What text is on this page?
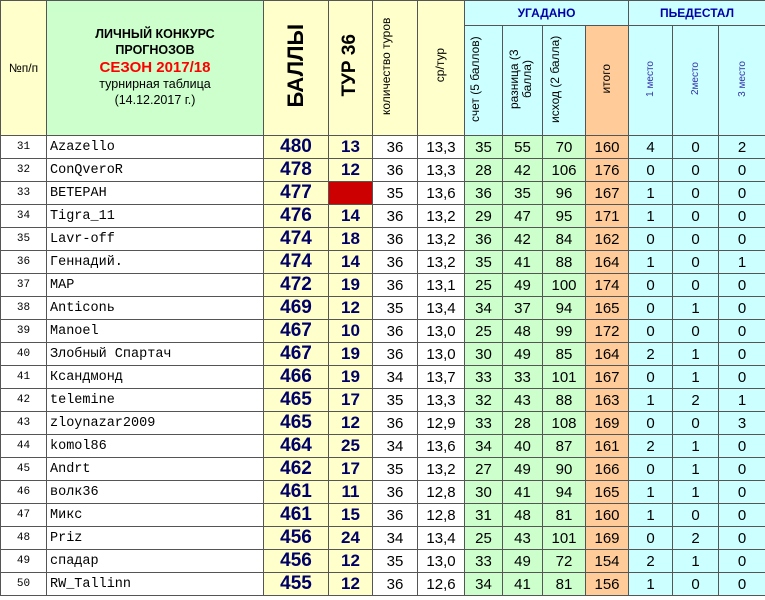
№п/п	ЛИЧНЫЙ КОНКУРС
ПРОГНОЗОВ
СЕЗОН 2017/18
турнирная таблица
(14.12.2017 г.)	БАЛЛЫ	ТУР 36	количество туров	ср/тур	УГАДАНО				ПЬЕДЕСТАЛ		
						счет (5 баллов)	разница (3 балла)	исход (2 балла)	итого	1 место	2место	3 место
31	Azazello	480	13	36	13,3	35	55	70	160	4	0	2
32	ConQveroR	478	12	36	13,3	28	42	106	176	0	0	0
33	ВЕТЕРАН	477		35	13,6	36	35	96	167	1	0	0
34	Tigra_11	476	14	36	13,2	29	47	95	171	1	0	0
35	Lavr-off	474	18	36	13,2	36	42	84	162	0	0	0
36	Геннадий.	474	14	36	13,2	35	41	88	164	1	0	1
37	MAP	472	19	36	13,1	25	49	100	174	0	0	0
38	Anticonь	469	12	35	13,4	34	37	94	165	0	1	0
39	Manoel	467	10	36	13,0	25	48	99	172	0	0	0
40	Злобный Спартач	467	19	36	13,0	30	49	85	164	2	1	0
41	Ксандмонд	466	19	34	13,7	33	33	101	167	0	1	0
42	telemine	465	17	35	13,3	32	43	88	163	1	2	1
43	zloynazar2009	465	12	36	12,9	33	28	108	169	0	0	3
44	komol86	464	25	34	13,6	34	40	87	161	2	1	0
45	Andrt	462	17	35	13,2	27	49	90	166	0	1	0
46	волк36	461	11	36	12,8	30	41	94	165	1	1	0
47	Микс	461	15	36	12,8	31	48	81	160	1	0	0
48	Priz	456	24	34	13,4	25	43	101	169	0	2	0
49	спадар	456	12	35	13,0	33	49	72	154	2	1	0
50	RW_Tallinn	455	12	36	12,6	34	41	81	156	1	0	0
